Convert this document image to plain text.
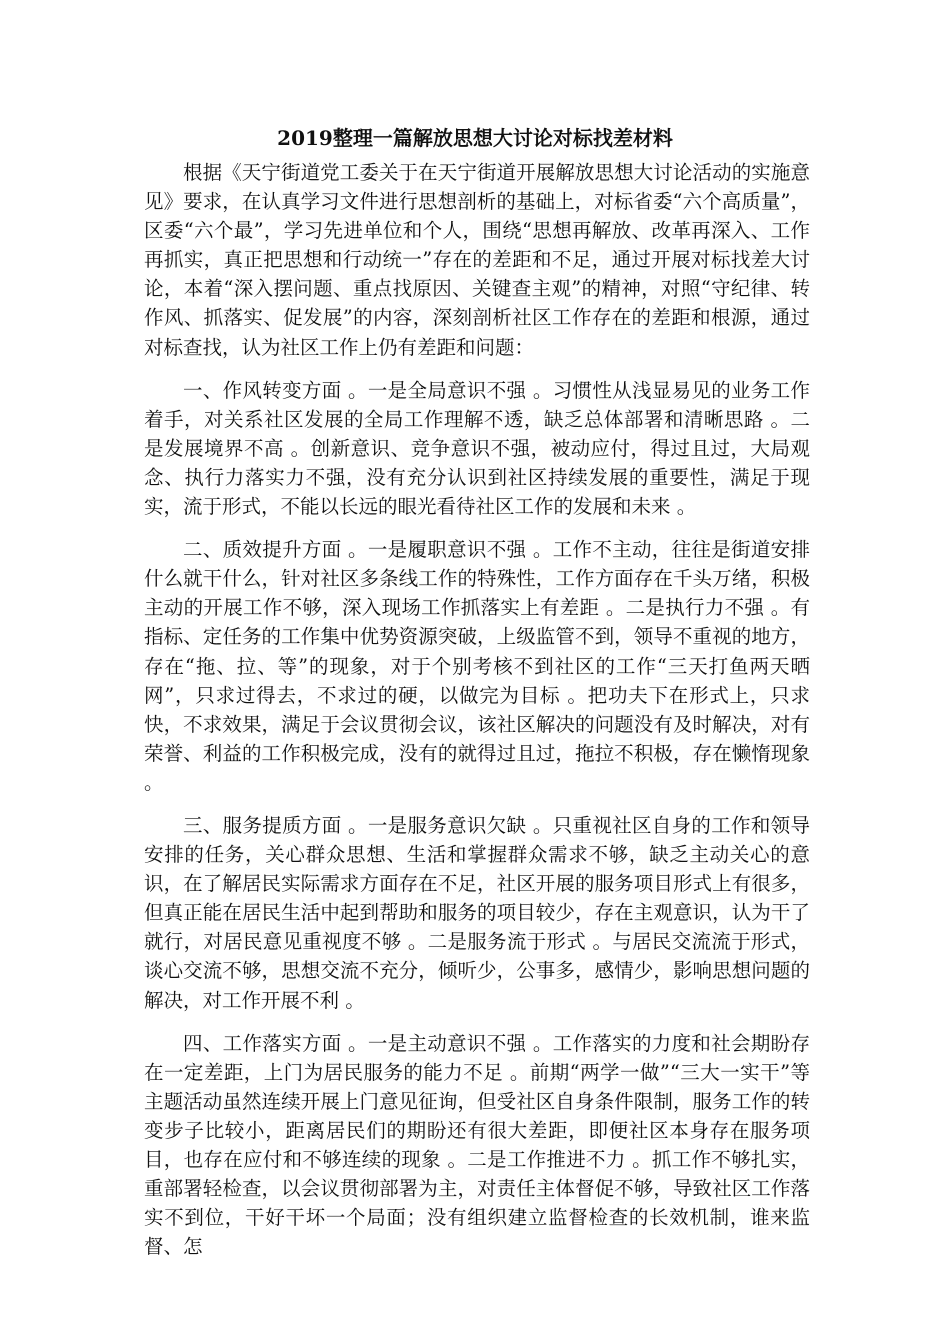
2019整理一篇解放思想大讨论对标找差材料

根据《天宁街道党工委关于在天宁街道开展解放思想大讨论活动的实施意见》要求，在认真学习文件进行思想剖析的基础上，对标省委“六个高质量”，区委“六个最”，学习先进单位和个人，围绕“思想再解放、改革再深入、工作再抓实，真正把思想和行动统一”存在的差距和不足，通过开展对标找差大讨论，本着“深入摆问题、重点找原因、关键查主观”的精神，对照“守纪律、转作风、抓落实、促发展”的内容，深刻剖析社区工作存在的差距和根源，通过对标查找，认为社区工作上仍有差距和问题：

一、作风转变方面 。一是全局意识不强 。习惯性从浅显易见的业务工作着手，对关系社区发展的全局工作理解不透，缺乏总体部署和清晰思路 。二是发展境界不高 。创新意识、竞争意识不强，被动应付，得过且过，大局观念、执行力落实力不强，没有充分认识到社区持续发展的重要性，满足于现实，流于形式，不能以长远的眼光看待社区工作的发展和未来 。

二、质效提升方面 。一是履职意识不强 。工作不主动，往往是街道安排什么就干什么，针对社区多条线工作的特殊性，工作方面存在千头万绪，积极主动的开展工作不够，深入现场工作抓落实上有差距 。二是执行力不强 。有指标、定任务的工作集中优势资源突破，上级监管不到，领导不重视的地方，存在“拖、拉、等”的现象，对于个别考核不到社区的工作“三天打鱼两天晒网”，只求过得去，不求过的硬，以做完为目标 。把功夫下在形式上，只求快，不求效果，满足于会议贯彻会议，该社区解决的问题没有及时解决，对有荣誉、利益的工作积极完成，没有的就得过且过，拖拉不积极，存在懒惰现象 。

三、服务提质方面 。一是服务意识欠缺 。只重视社区自身的工作和领导安排的任务，关心群众思想、生活和掌握群众需求不够，缺乏主动关心的意识，在了解居民实际需求方面存在不足，社区开展的服务项目形式上有很多，但真正能在居民生活中起到帮助和服务的项目较少，存在主观意识，认为干了就行，对居民意见重视度不够 。二是服务流于形式 。与居民交流流于形式，谈心交流不够，思想交流不充分，倾听少，公事多，感情少，影响思想问题的解决，对工作开展不利 。

四、工作落实方面 。一是主动意识不强 。工作落实的力度和社会期盼存在一定差距，上门为居民服务的能力不足 。前期“两学一做”“三大一实干”等主题活动虽然连续开展上门意见征询，但受社区自身条件限制，服务工作的转变步子比较小，距离居民们的期盼还有很大差距，即便社区本身存在服务项目，也存在应付和不够连续的现象 。二是工作推进不力 。抓工作不够扎实，重部署轻检查，以会议贯彻部署为主，对责任主体督促不够，导致社区工作落实不到位，干好干坏一个局面；没有组织建立监督检查的长效机制，谁来监督、怎
